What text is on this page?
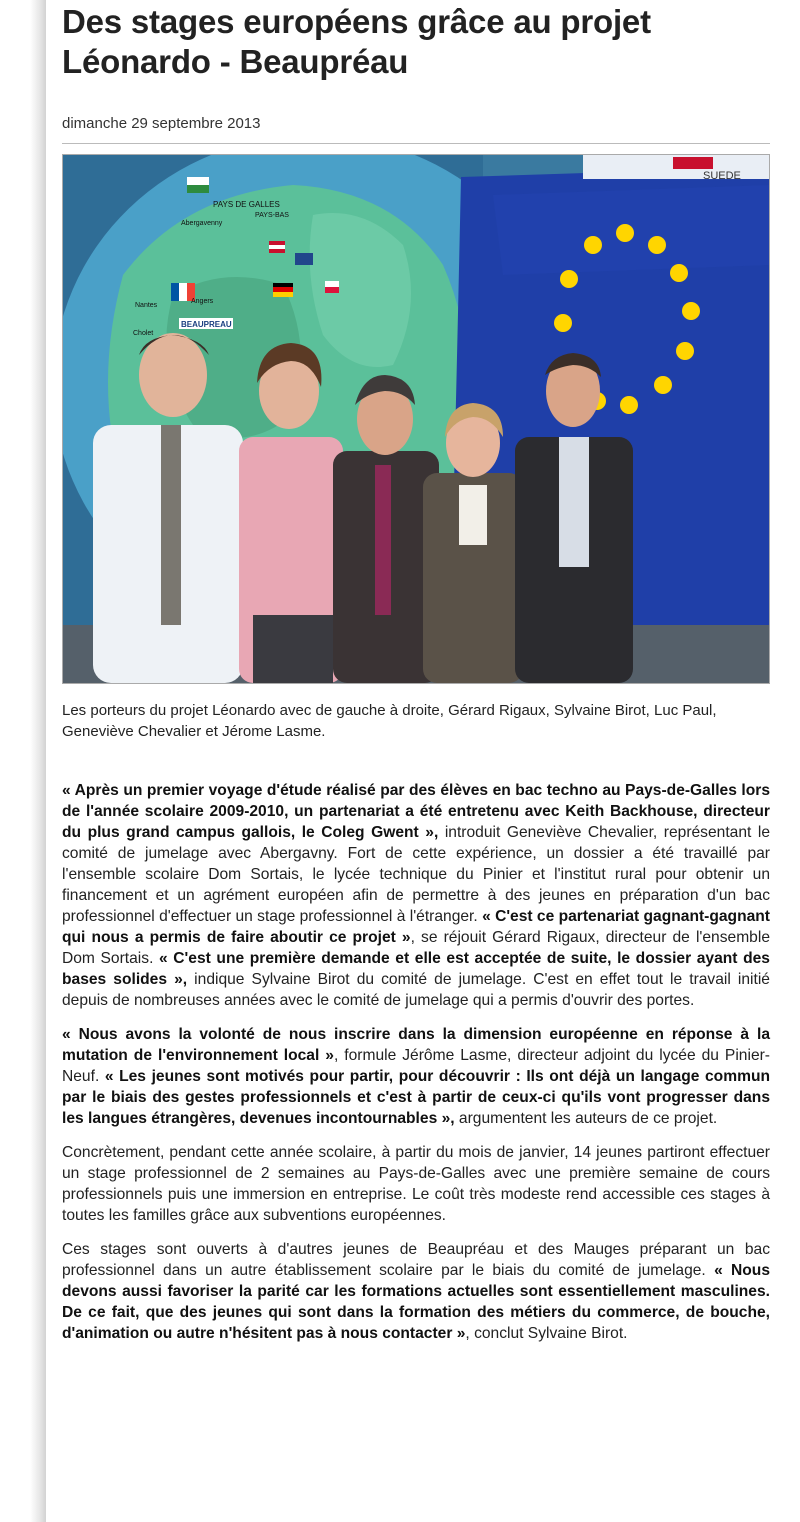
Des stages européens grâce au projet
Léonardo - Beaupréau
dimanche 29 septembre 2013
PAYS DE GALLES
Abergavenny
PAYS-BAS
BEAUPREAU
Nantes
Angers
Cholet
SUEDE
Les porteurs du projet Léonardo avec de gauche à droite, Gérard Rigaux, Sylvaine Birot, Luc Paul, Geneviève Chevalier et Jérome Lasme.

« Après un premier voyage d'étude réalisé par des élèves en bac techno au Pays-de-Galles lors de l'année scolaire 2009-2010, un partenariat a été entretenu avec Keith Backhouse, directeur du plus grand campus gallois, le Coleg Gwent », introduit Geneviève Chevalier, représentant le comité de jumelage avec Abergavny. Fort de cette expérience, un dossier a été travaillé par l'ensemble scolaire Dom Sortais, le lycée technique du Pinier et l'institut rural pour obtenir un financement et un agrément européen afin de permettre à des jeunes en préparation d'un bac professionnel d'effectuer un stage professionnel à l'étranger. « C'est ce partenariat gagnant-gagnant qui nous a permis de faire aboutir ce projet », se réjouit Gérard Rigaux, directeur de l'ensemble Dom Sortais. « C'est une première demande et elle est acceptée de suite, le dossier ayant des bases solides », indique Sylvaine Birot du comité de jumelage. C'est en effet tout le travail initié depuis de nombreuses années avec le comité de jumelage qui a permis d'ouvrir des portes.

« Nous avons la volonté de nous inscrire dans la dimension européenne en réponse à la mutation de l'environnement local », formule Jérôme Lasme, directeur adjoint du lycée du Pinier-Neuf. « Les jeunes sont motivés pour partir, pour découvrir : Ils ont déjà un langage commun par le biais des gestes professionnels et c'est à partir de ceux-ci qu'ils vont progresser dans les langues étrangères, devenues incontournables », argumentent les auteurs de ce projet.

Concrètement, pendant cette année scolaire, à partir du mois de janvier, 14 jeunes partiront effectuer un stage professionnel de 2 semaines au Pays-de-Galles avec une première semaine de cours professionnels puis une immersion en entreprise. Le coût très modeste rend accessible ces stages à toutes les familles grâce aux subventions européennes.

Ces stages sont ouverts à d'autres jeunes de Beaupréau et des Mauges préparant un bac professionnel dans un autre établissement scolaire par le biais du comité de jumelage. « Nous devons aussi favoriser la parité car les formations actuelles sont essentiellement masculines. De ce fait, que des jeunes qui sont dans la formation des métiers du commerce, de bouche, d'animation ou autre n'hésitent pas à nous contacter », conclut Sylvaine Birot.
